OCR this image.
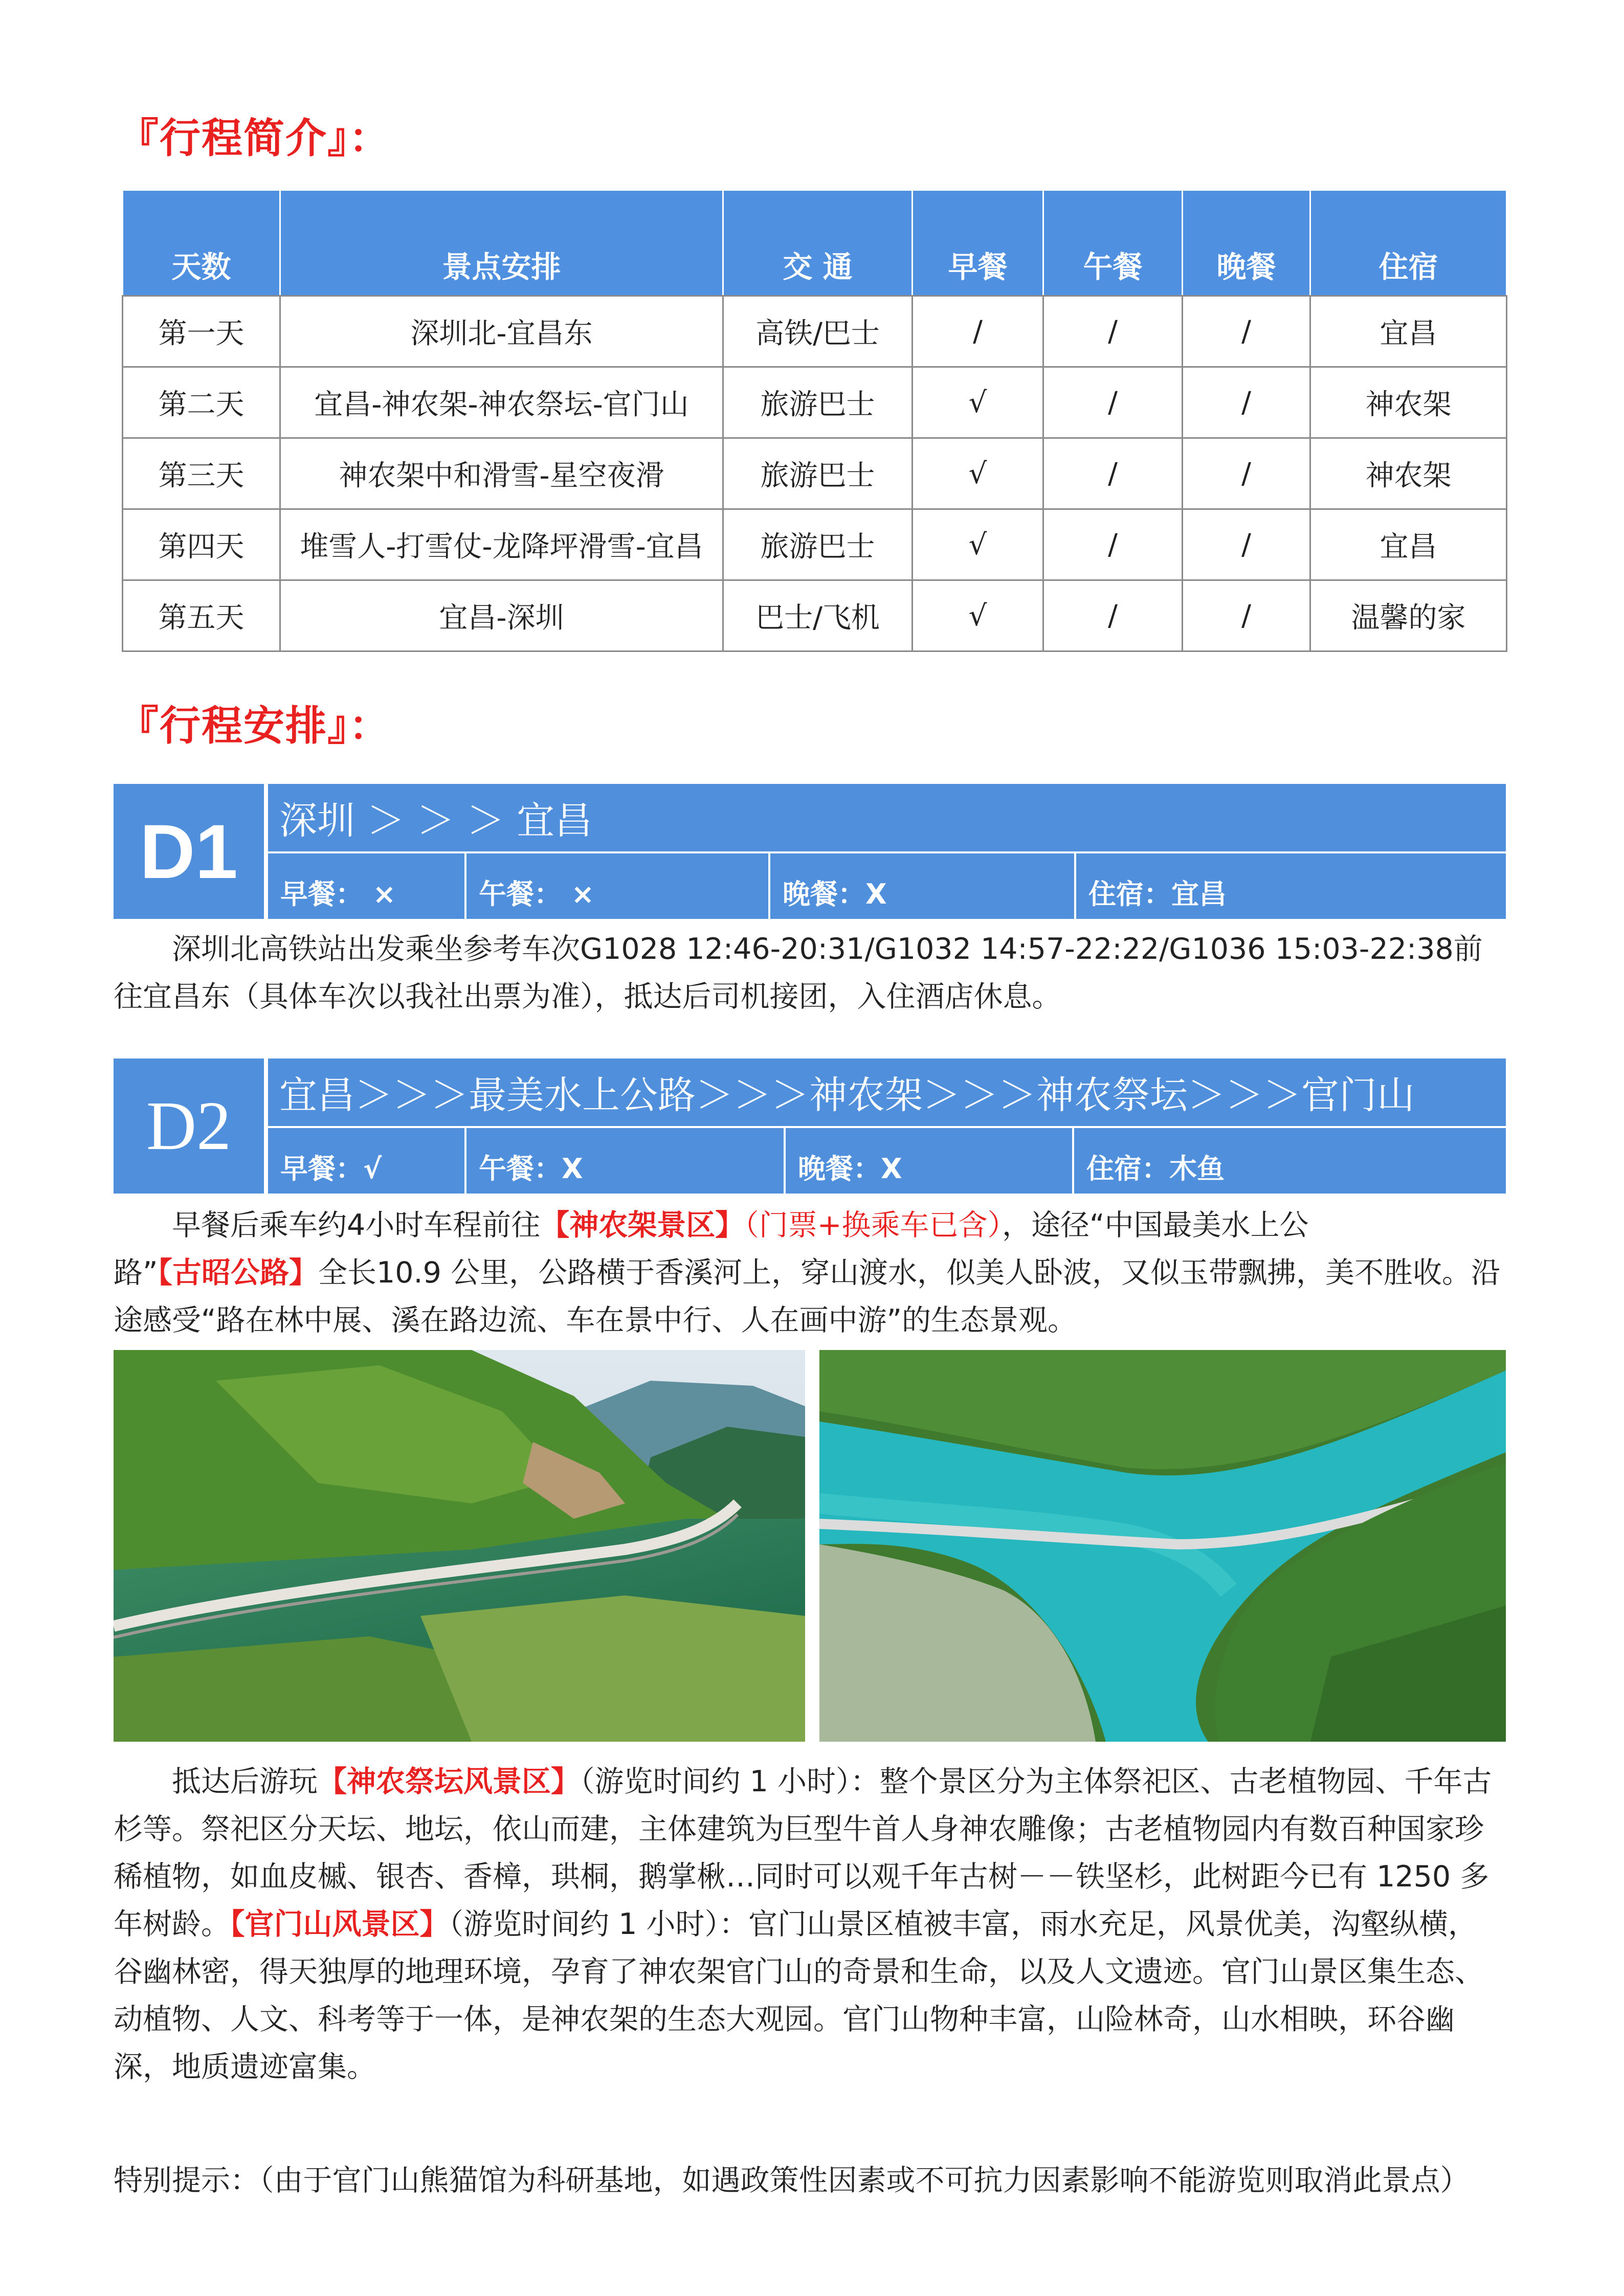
『行程简介』：
天数	景点安排	交 通	早餐	午餐	晚餐	住宿
第一天	深圳北-宜昌东	高铁/巴士	/	/	/	宜昌
第二天	宜昌-神农架-神农祭坛-官门山	旅游巴士	√	/	/	神农架
第三天	神农架中和滑雪-星空夜滑	旅游巴士	√	/	/	神农架
第四天	堆雪人-打雪仗-龙降坪滑雪-宜昌	旅游巴士	√	/	/	宜昌
第五天	宜昌-深圳	巴士/飞机	√	/	/	温馨的家
『行程安排』：
D1	深圳 ＞ ＞ ＞ 宜昌
早餐： ×	午餐： ×	晚餐：X	住宿：宜昌

深圳北高铁站出发乘坐参考车次G1028 12:46-20:31/G1032 14:57-22:22/G1036 15:03-22:38前往宜昌东（具体车次以我社出票为准），抵达后司机接团，入住酒店休息。

D2	宜昌＞＞＞最美水上公路＞＞＞神农架＞＞＞神农祭坛＞＞＞官门山
早餐：√	午餐：X	晚餐：X	住宿：木鱼

早餐后乘车约4小时车程前往【神农架景区】（门票+换乘车已含），途径“中国最美水上公路”【古昭公路】全长10.9 公里，公路横于香溪河上，穿山渡水，似美人卧波，又似玉带飘拂，美不胜收。沿途感受“路在林中展、溪在路边流、车在景中行、人在画中游”的生态景观。

抵达后游玩【神农祭坛风景区】（游览时间约 1 小时）：整个景区分为主体祭祀区、古老植物园、千年古杉等。祭祀区分天坛、地坛，依山而建，主体建筑为巨型牛首人身神农雕像；古老植物园内有数百种国家珍稀植物，如血皮槭、银杏、香樟，珙桐，鹅掌楸…同时可以观千年古树－－铁坚杉，此树距今已有 1250 多年树龄。【官门山风景区】（游览时间约 1 小时）：官门山景区植被丰富，雨水充足，风景优美，沟壑纵横，谷幽林密，得天独厚的地理环境，孕育了神农架官门山的奇景和生命，以及人文遗迹。官门山景区集生态、动植物、人文、科考等于一体，是神农架的生态大观园。官门山物种丰富，山险林奇，山水相映，环谷幽深，地质遗迹富集。

特别提示：（由于官门山熊猫馆为科研基地，如遇政策性因素或不可抗力因素影响不能游览则取消此景点）
